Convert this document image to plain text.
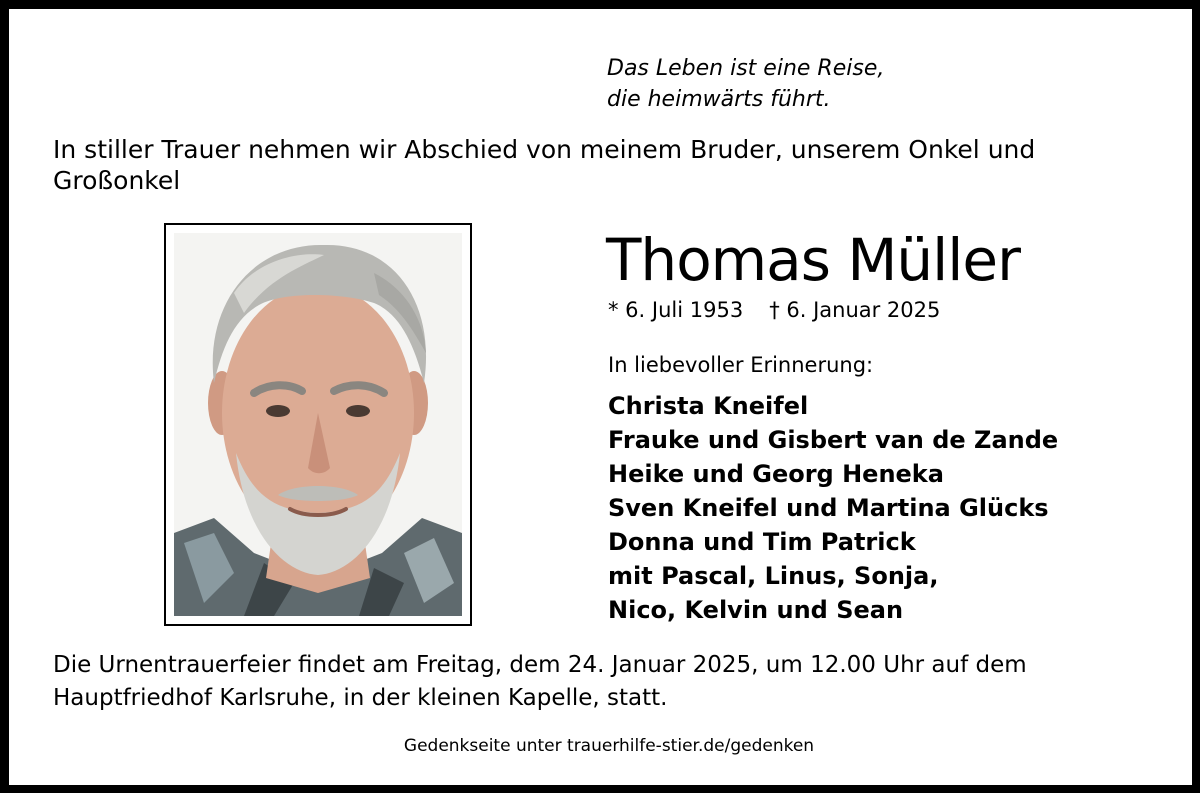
Das Leben ist eine Reise,
die heimwärts führt.
In stiller Trauer nehmen wir Abschied von meinem Bruder, unserem Onkel und Großonkel
Thomas Müller
* 6. Juli 1953 † 6. Januar 2025
In liebevoller Erinnerung:
Christa Kneifel
Frauke und Gisbert van de Zande
Heike und Georg Heneka
Sven Kneifel und Martina Glücks
Donna und Tim Patrick
mit Pascal, Linus, Sonja,
Nico, Kelvin und Sean
Die Urnentrauerfeier findet am Freitag, dem 24. Januar 2025, um 12.00 Uhr auf dem Hauptfriedhof Karlsruhe, in der kleinen Kapelle, statt.
Gedenkseite unter trauerhilfe-stier.de/gedenken
